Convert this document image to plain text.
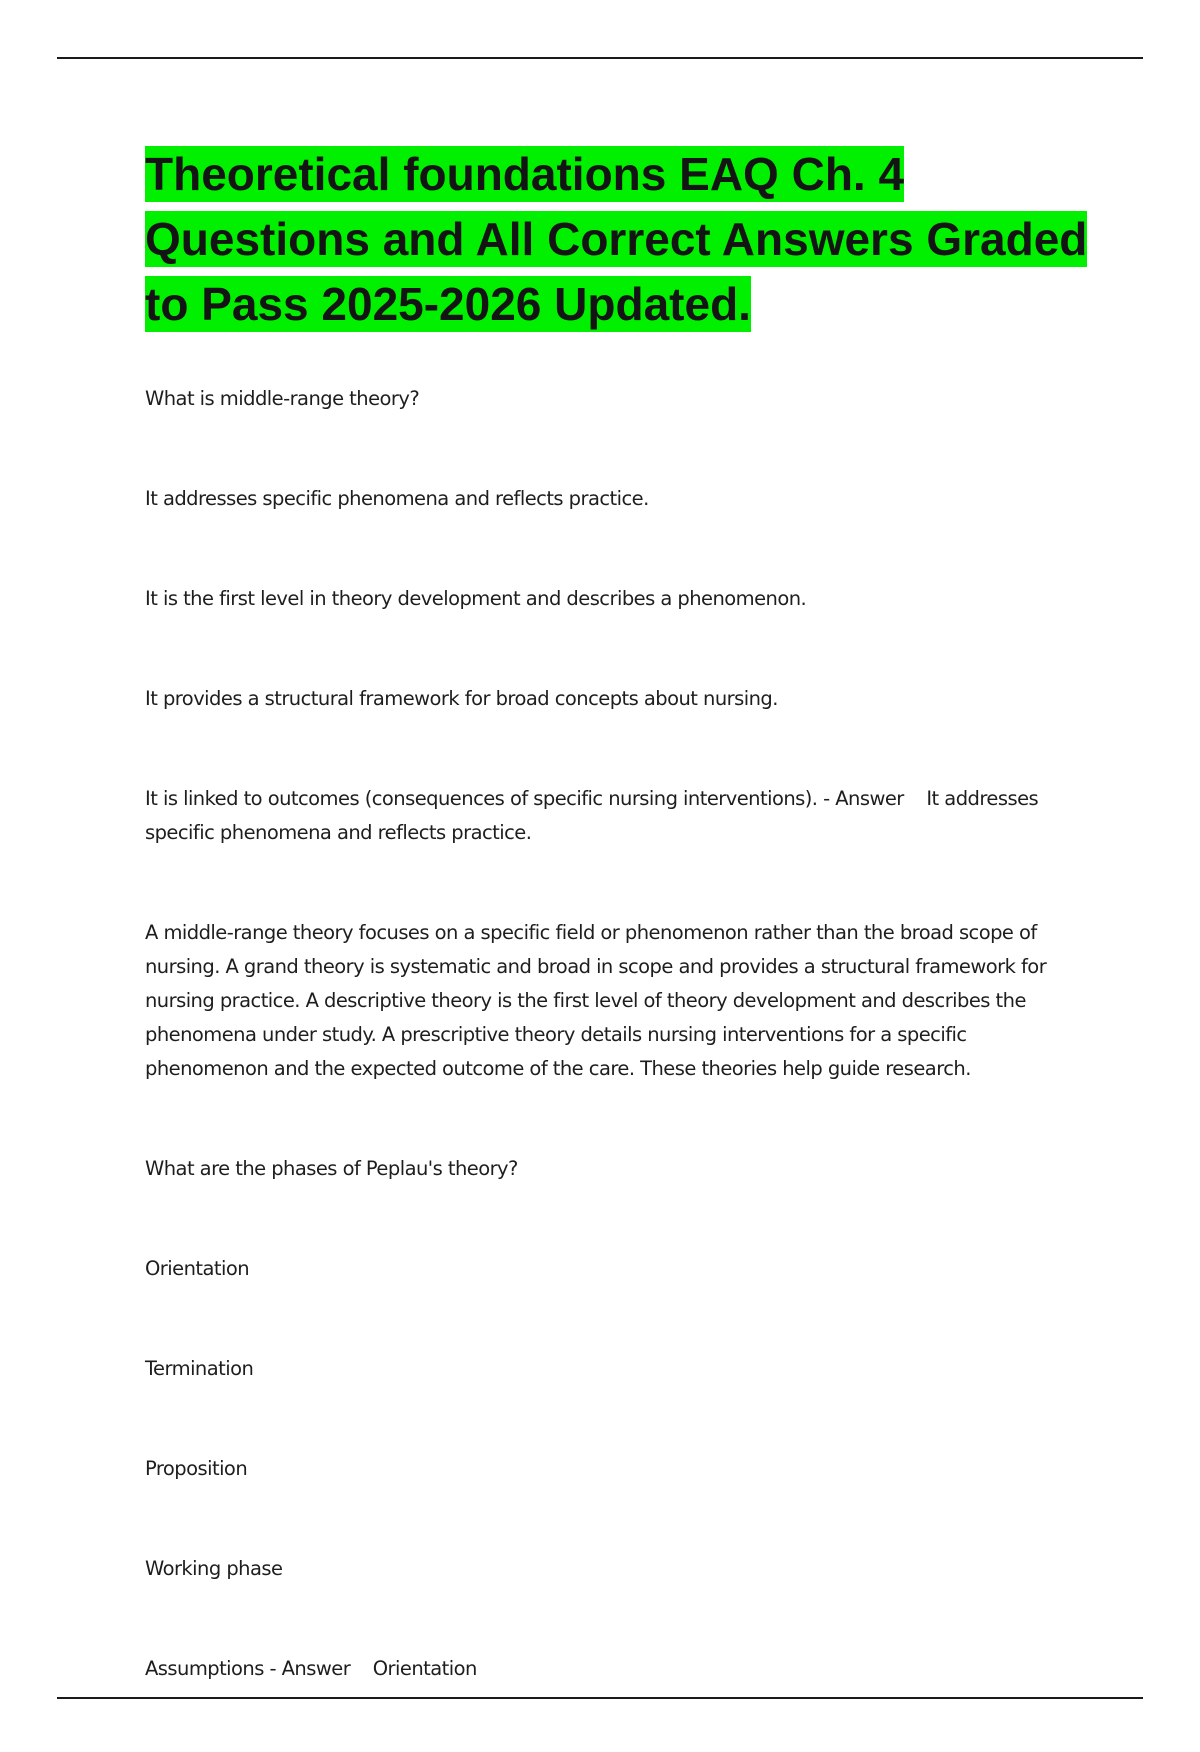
Theoretical foundations EAQ Ch. 4 Questions and All Correct Answers Graded to Pass 2025-2026 Updated.

What is middle-range theory?

It addresses specific phenomena and reflects practice.

It is the first level in theory development and describes a phenomenon.

It provides a structural framework for broad concepts about nursing.

It is linked to outcomes (consequences of specific nursing interventions). - Answer    It addresses specific phenomena and reflects practice.

A middle-range theory focuses on a specific field or phenomenon rather than the broad scope of nursing. A grand theory is systematic and broad in scope and provides a structural framework for nursing practice. A descriptive theory is the first level of theory development and describes the phenomena under study. A prescriptive theory details nursing interventions for a specific phenomenon and the expected outcome of the care. These theories help guide research.

What are the phases of Peplau's theory?

Orientation

Termination

Proposition

Working phase

Assumptions - Answer    Orientation
